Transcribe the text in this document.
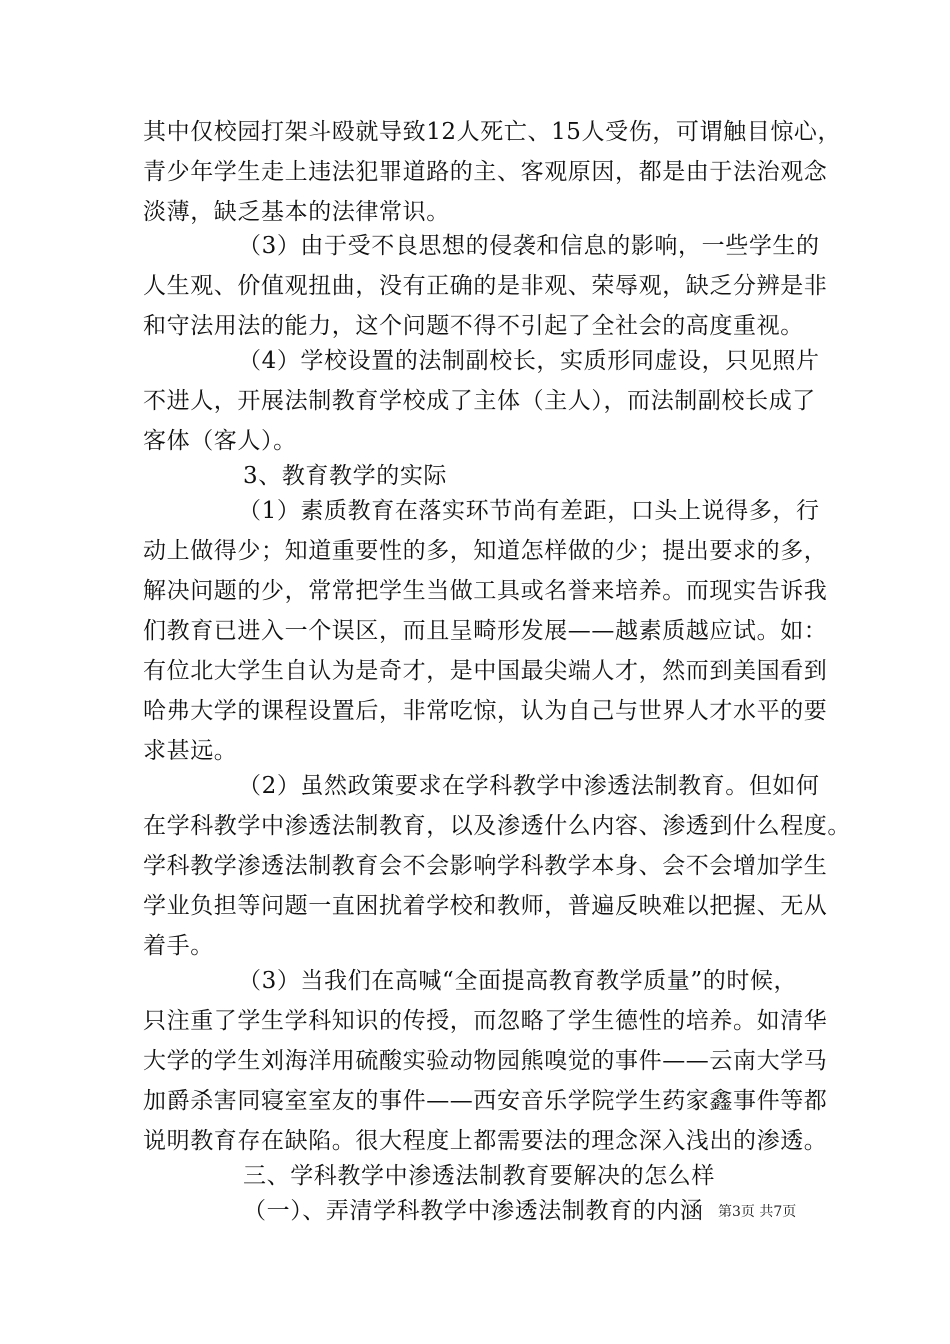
其中仅校园打架斗殴就导致12人死亡、15人受伤，可谓触目惊心，
青少年学生走上违法犯罪道路的主、客观原因，都是由于法治观念
淡薄，缺乏基本的法律常识。
（3）由于受不良思想的侵袭和信息的影响，一些学生的
人生观、价值观扭曲，没有正确的是非观、荣辱观，缺乏分辨是非
和守法用法的能力，这个问题不得不引起了全社会的高度重视。
（4）学校设置的法制副校长，实质形同虚设，只见照片
不进人，开展法制教育学校成了主体（主人），而法制副校长成了
客体（客人）。
3、教育教学的实际
（1）素质教育在落实环节尚有差距，口头上说得多，行
动上做得少；知道重要性的多，知道怎样做的少；提出要求的多，
解决问题的少，常常把学生当做工具或名誉来培养。而现实告诉我
们教育已进入一个误区，而且呈畸形发展——越素质越应试。如：
有位北大学生自认为是奇才，是中国最尖端人才，然而到美国看到
哈弗大学的课程设置后，非常吃惊，认为自己与世界人才水平的要
求甚远。
（2）虽然政策要求在学科教学中渗透法制教育。但如何
在学科教学中渗透法制教育，以及渗透什么内容、渗透到什么程度。
学科教学渗透法制教育会不会影响学科教学本身、会不会增加学生
学业负担等问题一直困扰着学校和教师，普遍反映难以把握、无从
着手。
（3）当我们在高喊“全面提高教育教学质量”的时候，
只注重了学生学科知识的传授，而忽略了学生德性的培养。如清华
大学的学生刘海洋用硫酸实验动物园熊嗅觉的事件——云南大学马
加爵杀害同寝室室友的事件——西安音乐学院学生药家鑫事件等都
说明教育存在缺陷。很大程度上都需要法的理念深入浅出的渗透。
三、学科教学中渗透法制教育要解决的怎么样
（一）、弄清学科教学中渗透法制教育的内涵 第3页 共7页
